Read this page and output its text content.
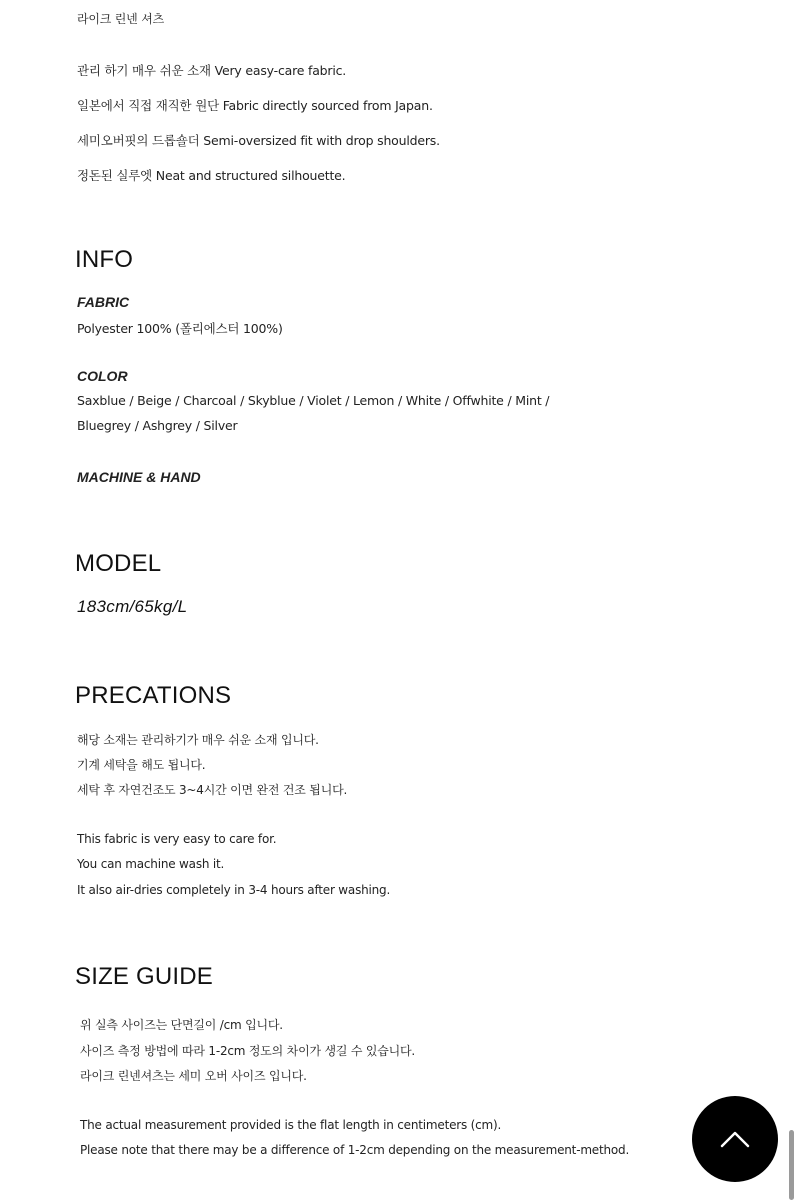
라이크 린넨 셔츠
관리 하기 매우 쉬운 소재 Very easy-care fabric.
일본에서 직접 재직한 원단 Fabric directly sourced from Japan.
세미오버핏의 드롭숄더 Semi-oversized fit with drop shoulders.
정돈된 실루엣 Neat and structured silhouette.
INFO
FABRIC
Polyester 100% (폴리에스터 100%)
COLOR
Saxblue / Beige / Charcoal / Skyblue / Violet / Lemon / White / Offwhite / Mint /
Bluegrey / Ashgrey / Silver
MACHINE & HAND
MODEL
183cm/65kg/L
PRECATIONS
해당 소재는 관리하기가 매우 쉬운 소재 입니다.
기계 세탁을 해도 됩니다.
세탁 후 자연건조도 3~4시간 이면 완전 건조 됩니다.
This fabric is very easy to care for.
You can machine wash it.
It also air-dries completely in 3-4 hours after washing.
SIZE GUIDE
위 실측 사이즈는 단면길이 /cm 입니다.
사이즈 측정 방법에 따라 1-2cm 정도의 차이가 생길 수 있습니다.
라이크 린넨셔츠는 세미 오버 사이즈 입니다.
The actual measurement provided is the flat length in centimeters (cm).
Please note that there may be a difference of 1-2cm depending on the measurement-method.
